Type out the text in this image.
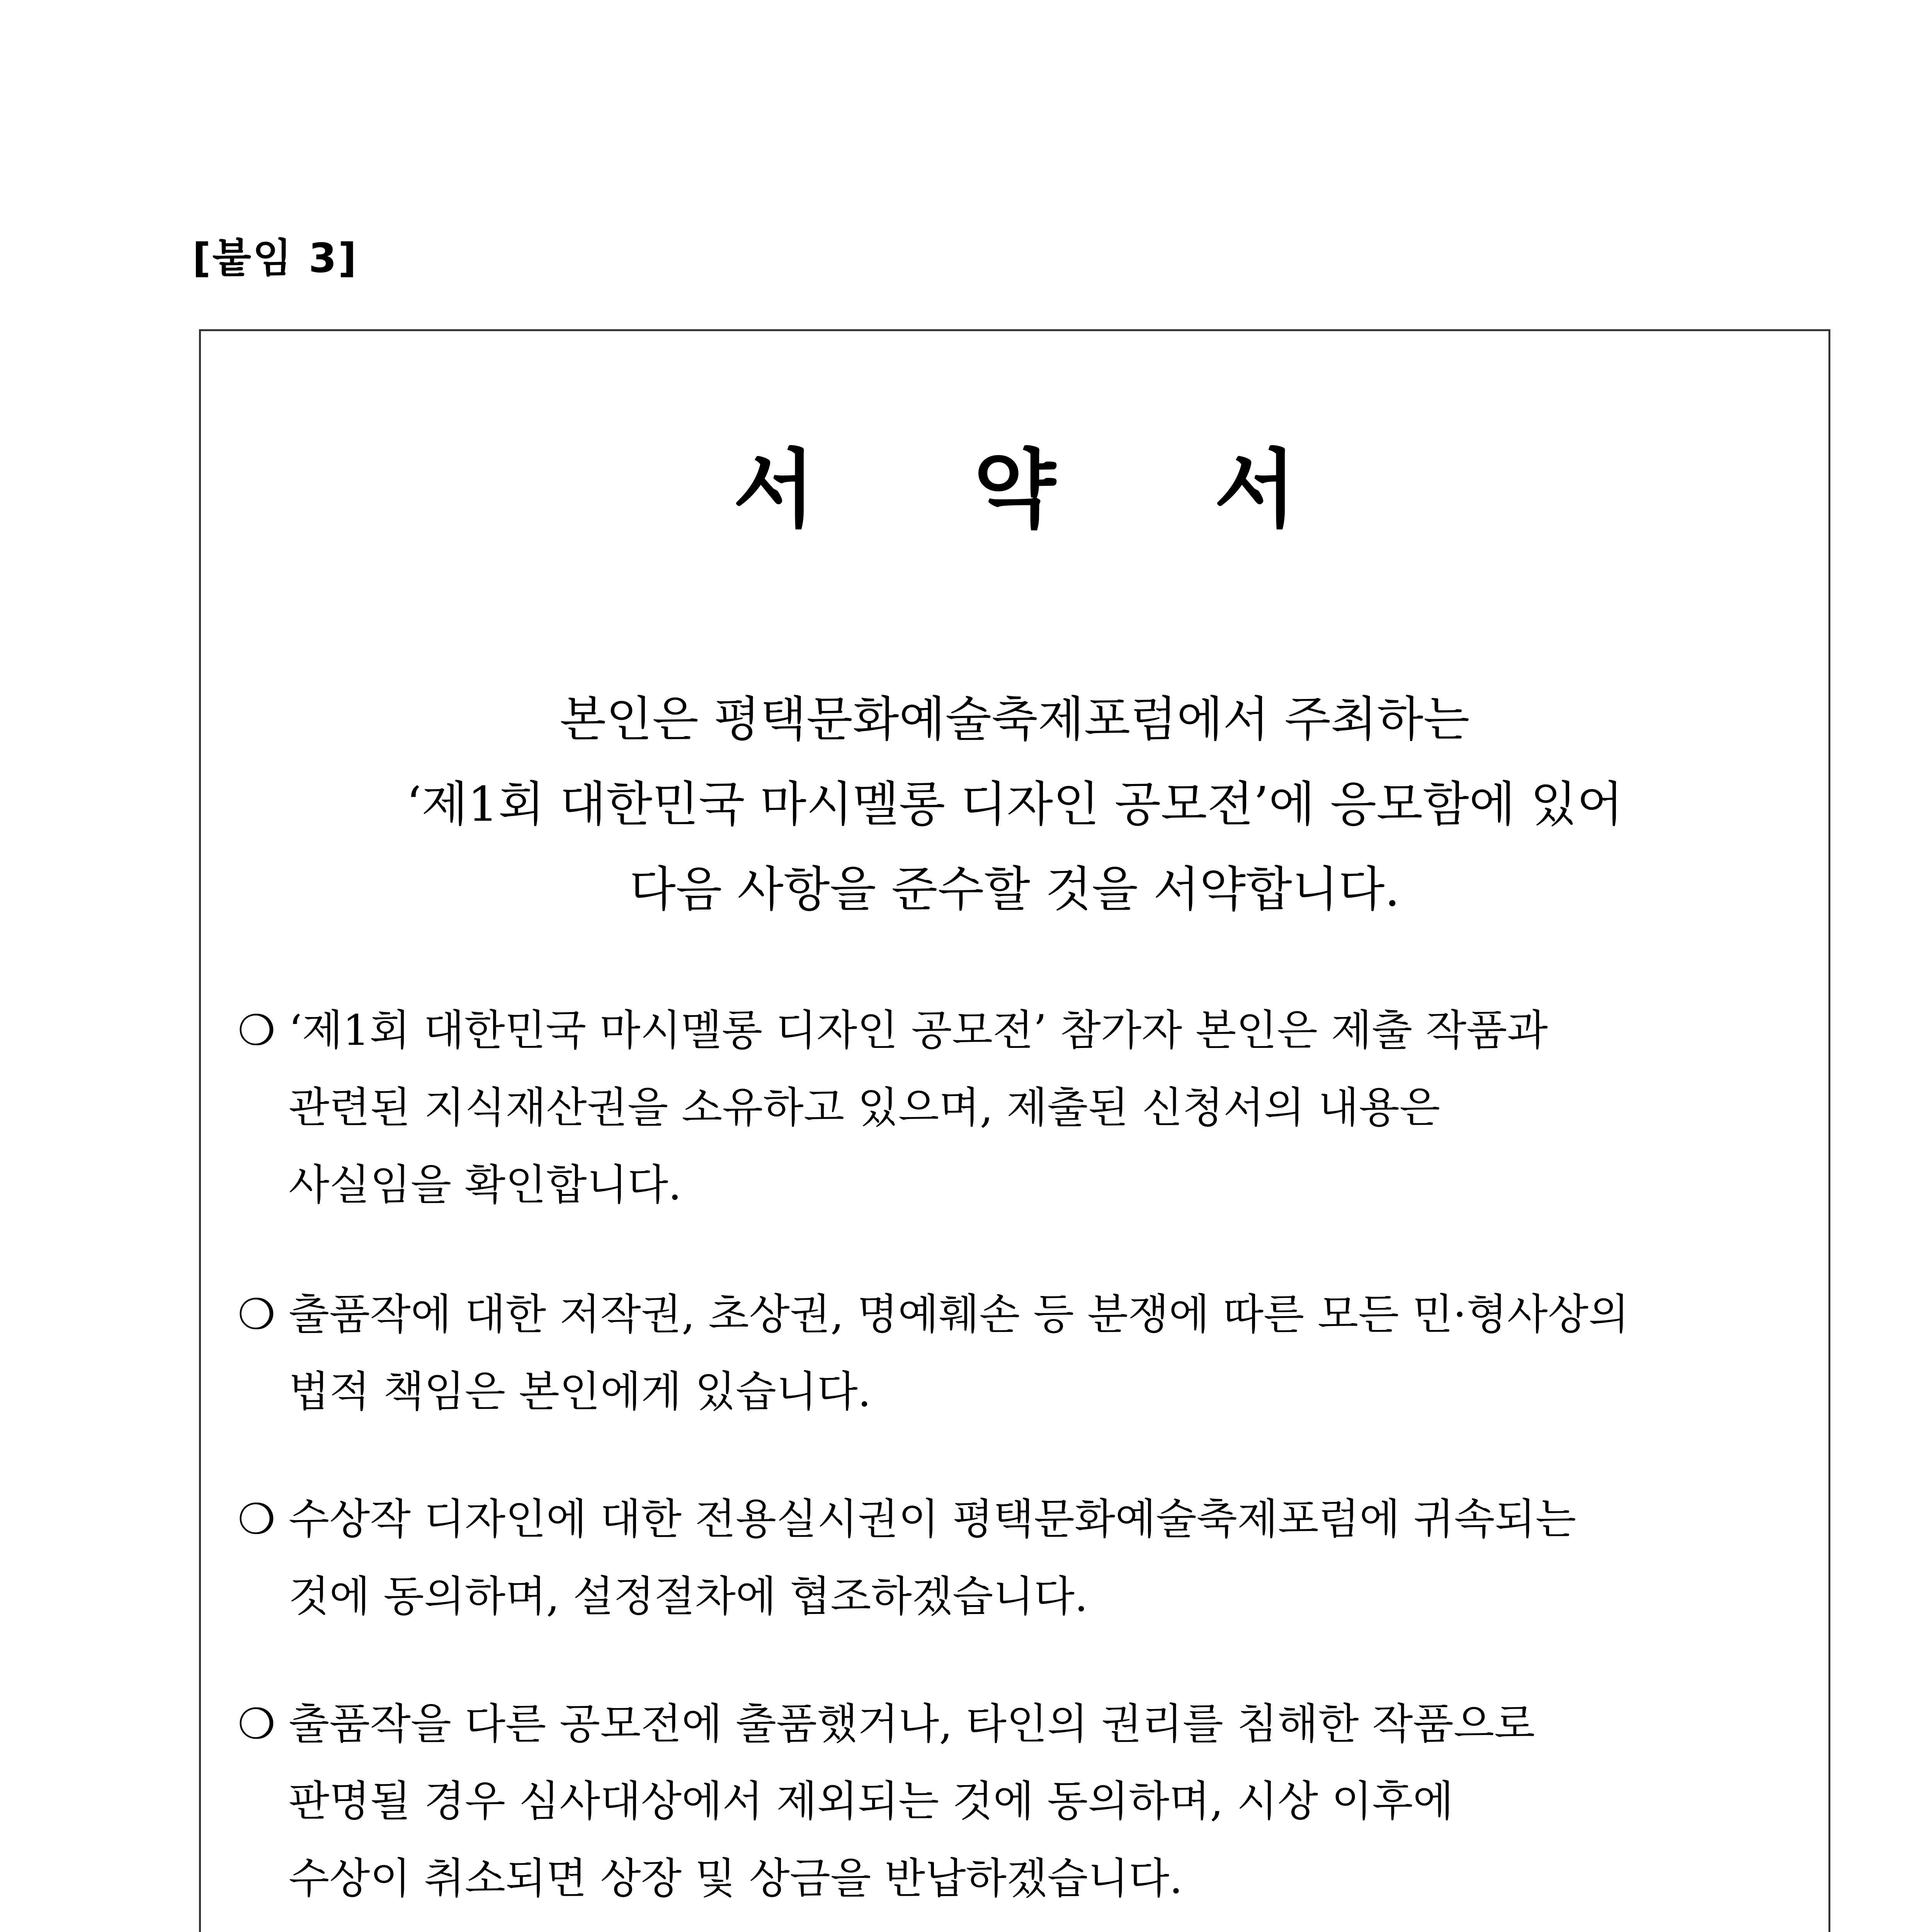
[붙임 3]
서 약 서
본인은 평택문화예술축제포럼에서 주최하는
‘제1회 대한민국 마시멜롱 디자인 공모전’에 응모함에 있어
다음 사항을 준수할 것을 서약합니다.
❍ ‘제1회 대한민국 마시멜롱 디자인 공모전’ 참가자 본인은 제출 작품과
관련된 지식재산권을 소유하고 있으며, 제출된 신청서의 내용은
사실임을 확인합니다.
❍ 출품작에 대한 저작권, 초상권, 명예훼손 등 분쟁에 따른 모든 민·형사상의
법적 책임은 본인에게 있습니다.
❍ 수상작 디자인에 대한 전용실시권이 평택문화예술축제포럼에 귀속되는
것에 동의하며, 설정절차에 협조하겠습니다.
❍ 출품작을 다른 공모전에 출품했거나, 타인의 권리를 침해한 작품으로
판명될 경우 심사대상에서 제외되는 것에 동의하며, 시상 이후에
수상이 취소되면 상장 및 상금을 반납하겠습니다.
